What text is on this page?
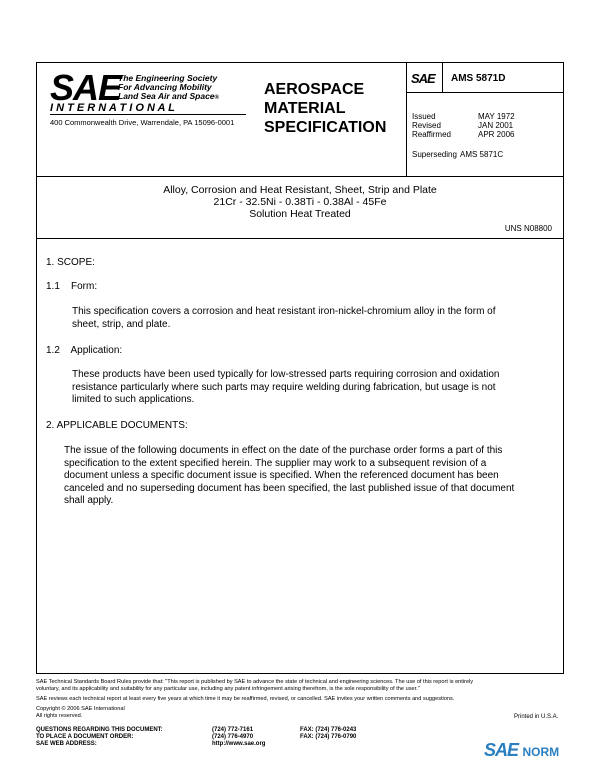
SAE
The Engineering Society
For Advancing Mobility
Land Sea Air and Space®
I N T E R N A T I O N A L
400 Commonwealth Drive, Warrendale, PA 15096-0001
AEROSPACE
MATERIAL
SPECIFICATION
SAE AMS 5871D
Issued	MAY 1972
Revised	JAN 2001
Reaffirmed	APR 2006
Superseding AMS 5871C
Alloy, Corrosion and Heat Resistant, Sheet, Strip and Plate
21Cr - 32.5Ni - 0.38Ti - 0.38Al - 45Fe
Solution Heat Treated
UNS N08800
1. SCOPE:
1.1    Form:
This specification covers a corrosion and heat resistant iron-nickel-chromium alloy in the form of
sheet, strip, and plate.
1.2    Application:
These products have been used typically for low-stressed parts requiring corrosion and oxidation
resistance particularly where such parts may require welding during fabrication, but usage is not
limited to such applications.
2. APPLICABLE DOCUMENTS:
The issue of the following documents in effect on the date of the purchase order forms a part of this
specification to the extent specified herein. The supplier may work to a subsequent revision of a
document unless a specific document issue is specified. When the referenced document has been
canceled and no superseding document has been specified, the last published issue of that document
shall apply.
SAE Technical Standards Board Rules provide that: "This report is published by SAE to advance the state of technical and engineering sciences. The use of this report is entirely
voluntary, and its applicability and suitability for any particular use, including any patent infringement arising therefrom, is the sole responsibility of the user."
SAE reviews each technical report at least every five years at which time it may be reaffirmed, revised, or cancelled. SAE invites your written comments and suggestions.
Copyright © 2006 SAE International
All rights reserved.	Printed in U.S.A.
QUESTIONS REGARDING THIS DOCUMENT:	(724) 772-7161	FAX: (724) 776-0243
TO PLACE A DOCUMENT ORDER:	(724) 776-4970	FAX: (724) 776-0790
SAE WEB ADDRESS:	http://www.sae.org	SAE NORM
